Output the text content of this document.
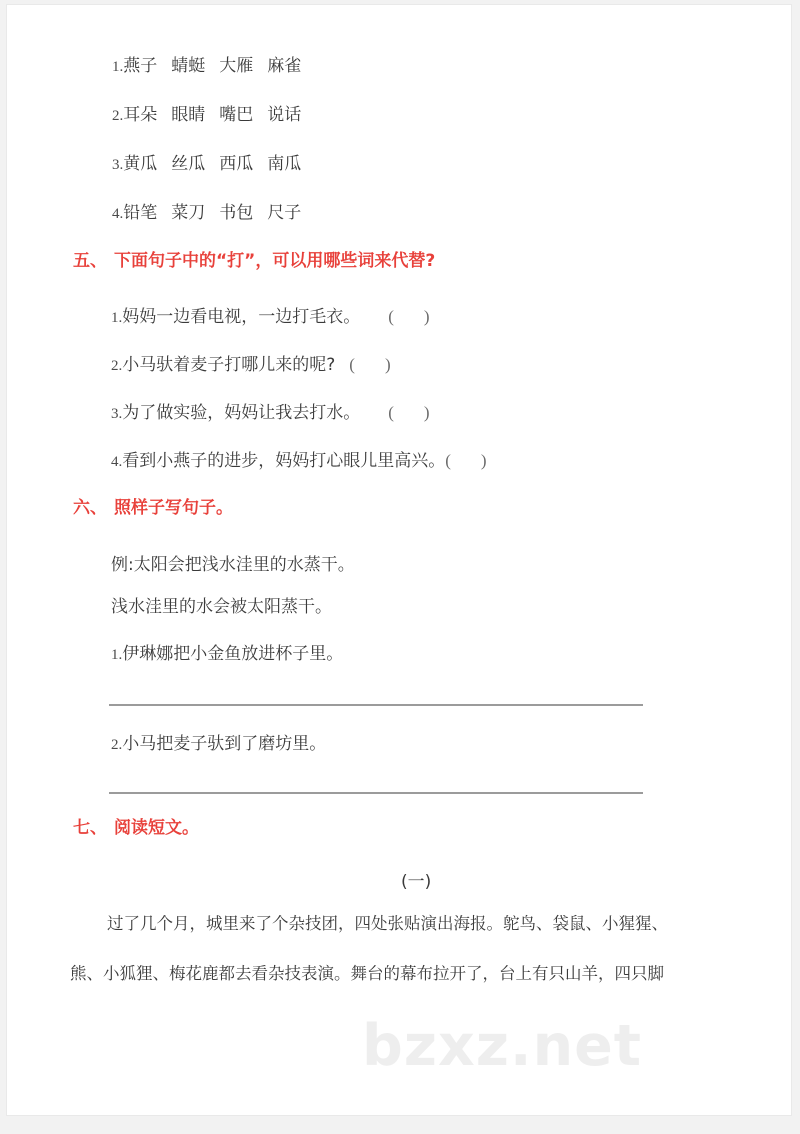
1.燕子 蜻蜓 大雁 麻雀
2.耳朵 眼睛 嘴巴 说话
3.黄瓜 丝瓜 西瓜 南瓜
4.铅笔 菜刀 书包 尺子
五、 下面句子中的“打”，可以用哪些词来代替?
1.妈妈一边看电视，一边打毛衣。 ( )
2.小马驮着麦子打哪儿来的呢? ( )
3.为了做实验，妈妈让我去打水。 ( )
4.看到小燕子的进步，妈妈打心眼儿里高兴。( )
六、 照样子写句子。
例:太阳会把浅水洼里的水蒸干。
浅水洼里的水会被太阳蒸干。
1.伊琳娜把小金鱼放进杯子里。
2.小马把麦子驮到了磨坊里。
七、 阅读短文。
(一)
过了几个月，城里来了个杂技团，四处张贴演出海报。鸵鸟、袋鼠、小猩猩、
熊、小狐狸、梅花鹿都去看杂技表演。舞台的幕布拉开了，台上有只山羊，四只脚
bzxz.net
